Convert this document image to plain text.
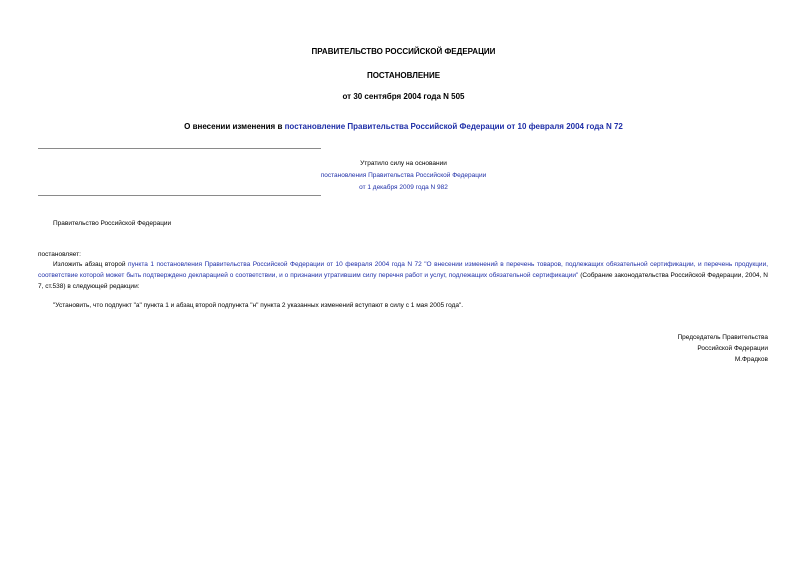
ПРАВИТЕЛЬСТВО РОССИЙСКОЙ ФЕДЕРАЦИИ
ПОСТАНОВЛЕНИЕ
от 30 сентября 2004 года N 505
О внесении изменения в постановление Правительства Российской Федерации от 10 февраля 2004 года N 72
Утратило силу на основании
постановления Правительства Российской Федерации
от 1 декабря 2009 года N 982
Правительство Российской Федерации
постановляет:
Изложить абзац второй пункта 1 постановления Правительства Российской Федерации от 10 февраля 2004 года N 72 "О внесении изменений в перечень товаров, подлежащих обязательной сертификации, и перечень продукции, соответствие которой может быть подтверждено декларацией о соответствии, и о признании утратившим силу перечня работ и услуг, подлежащих обязательной сертификации" (Собрание законодательства Российской Федерации, 2004, N 7, ст.538) в следующей редакции:
"Установить, что подпункт "а" пункта 1 и абзац второй подпункта "н" пункта 2 указанных изменений вступают в силу с 1 мая 2005 года".
Председатель Правительства
Российской Федерации
М.Фрадков
